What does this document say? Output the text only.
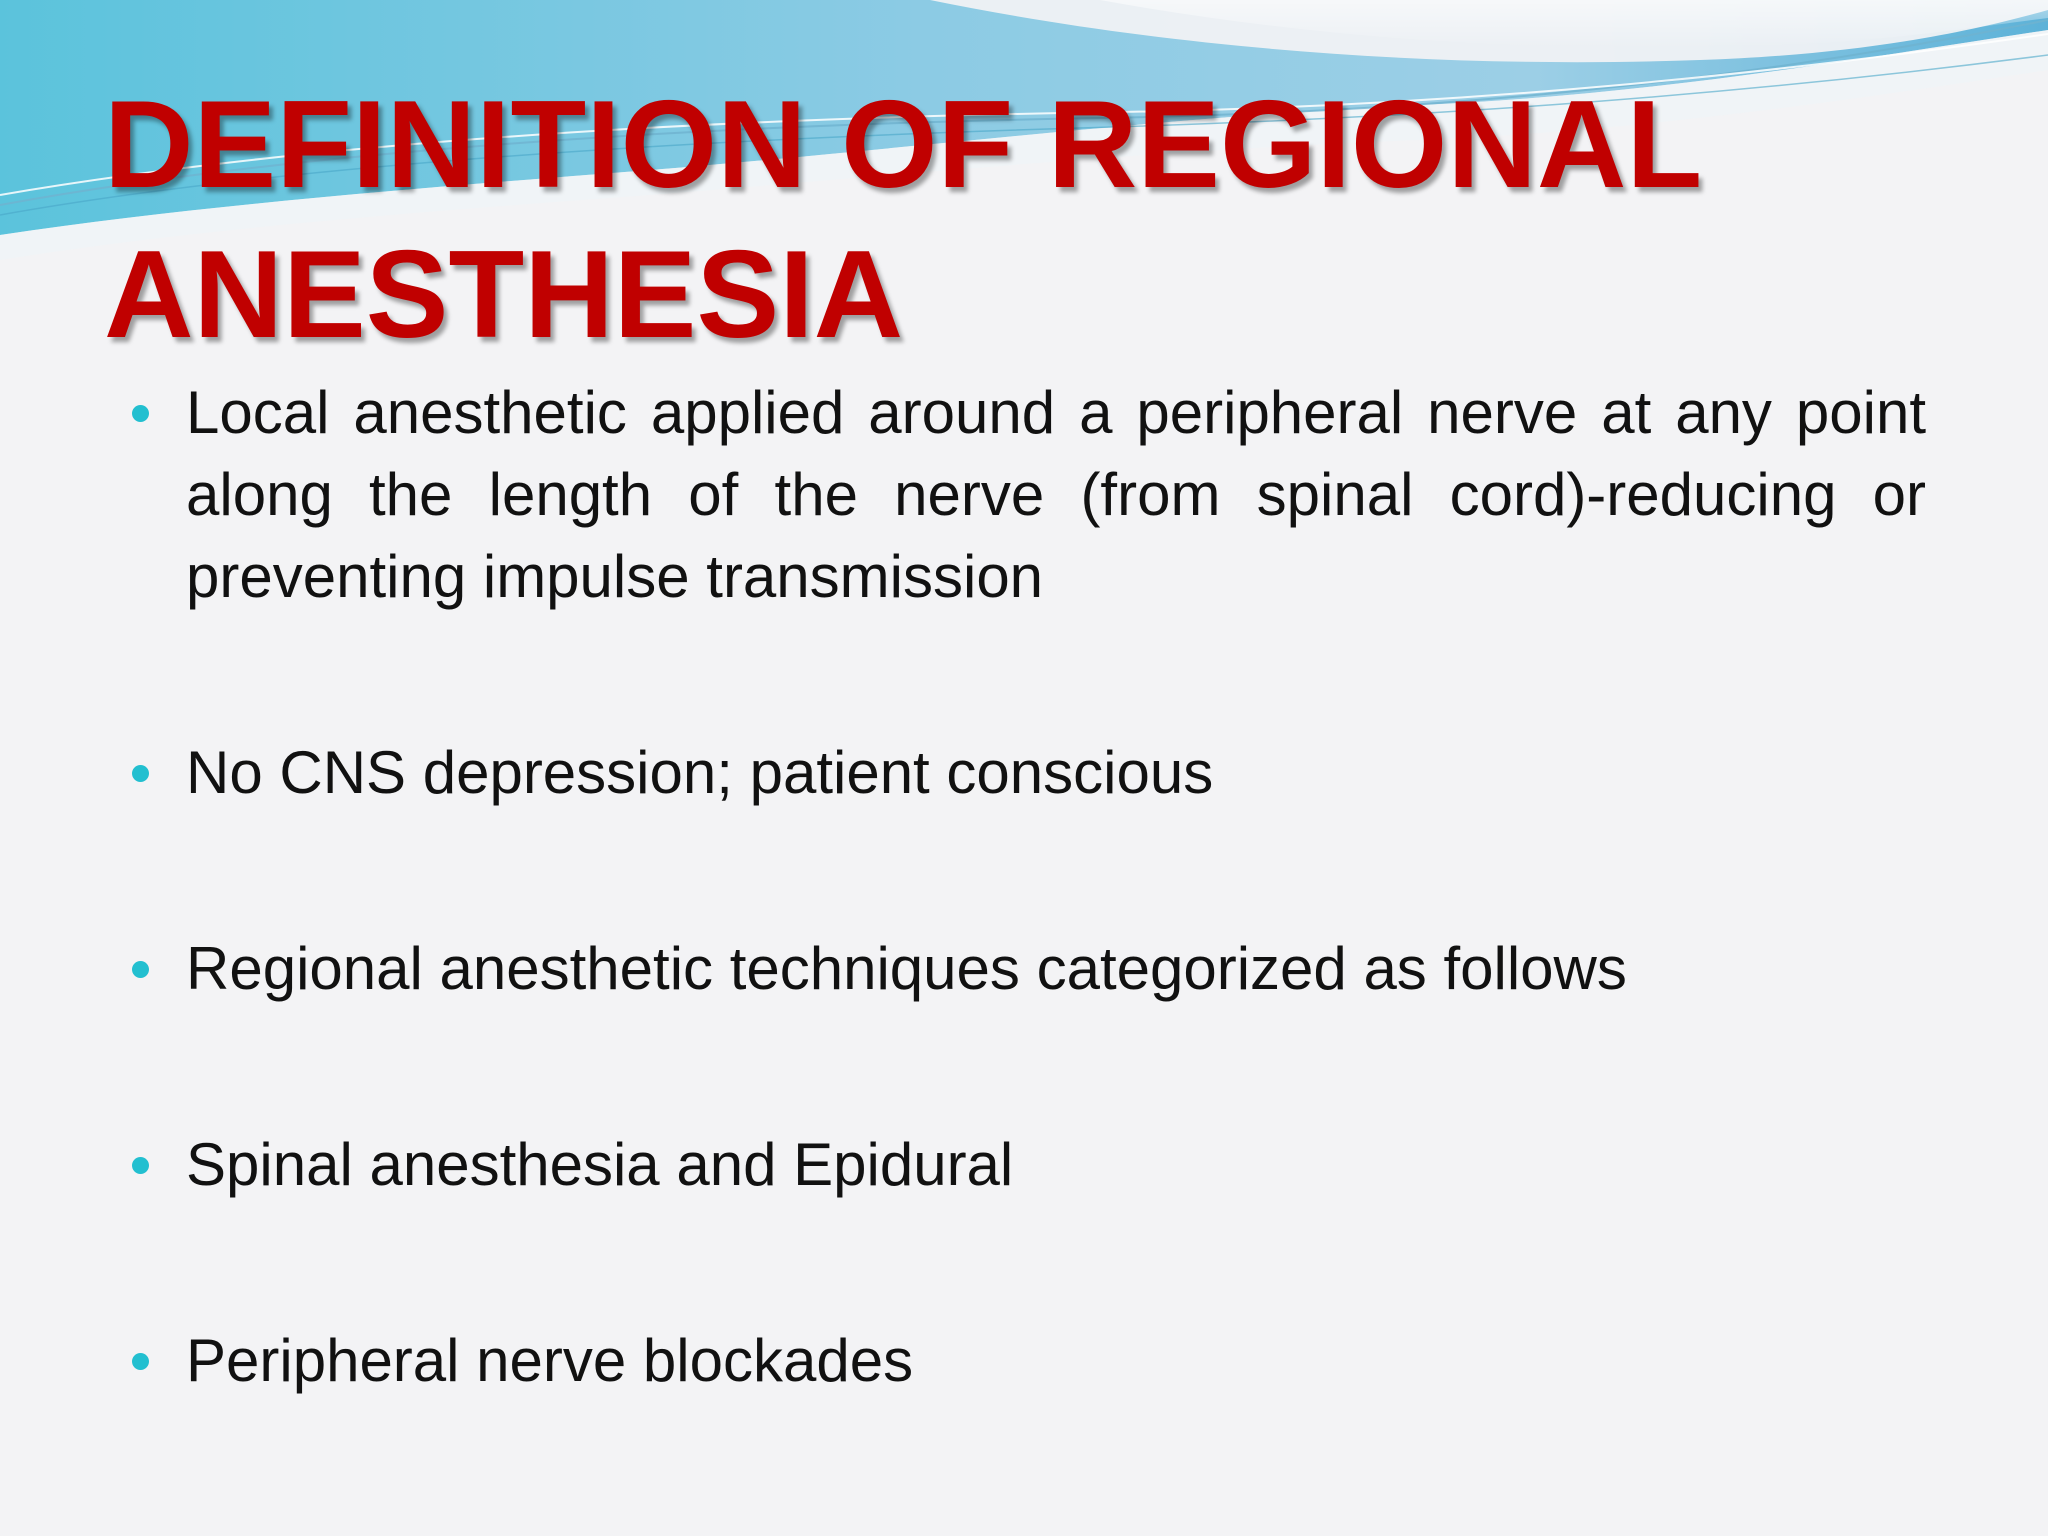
DEFINITION OF REGIONAL ANESTHESIA
Local anesthetic applied around a peripheral nerve at any point along the length of the nerve (from spinal cord)-reducing or preventing impulse transmission
No CNS depression; patient conscious
Regional anesthetic techniques categorized as follows
Spinal anesthesia and Epidural
Peripheral nerve blockades
